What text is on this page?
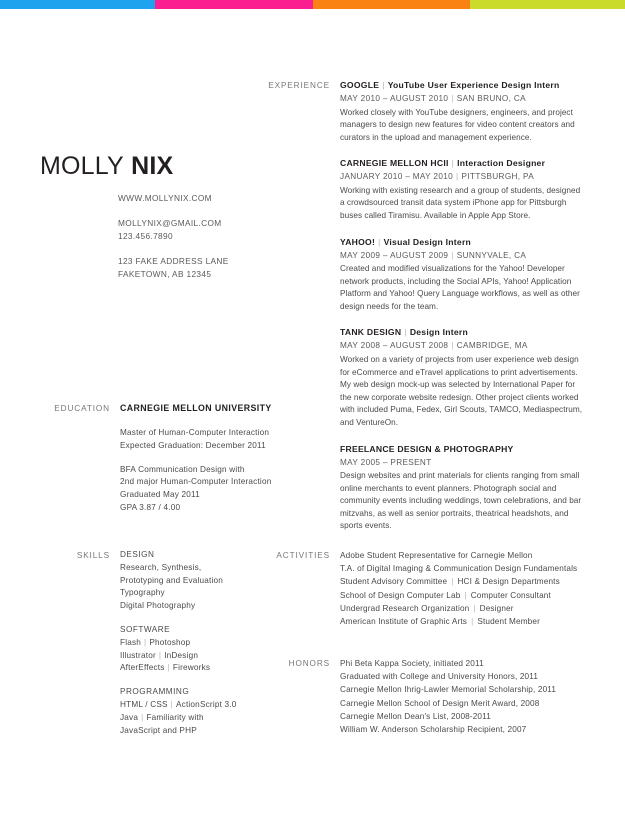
MOLLY NIX
WWW.MOLLYNIX.COM
MOLLYNIX@GMAIL.COM
123.456.7890
123 FAKE ADDRESS LANE
FAKETOWN, AB 12345
EXPERIENCE GOOGLE | YouTube User Experience Design Intern
MAY 2010 – AUGUST 2010 | SAN BRUNO, CA
Worked closely with YouTube designers, engineers, and project managers to design new features for video content creators and curators in the upload and management experience.
CARNEGIE MELLON HCII | Interaction Designer
JANUARY 2010 – MAY 2010 | PITTSBURGH, PA
Working with existing research and a group of students, designed a crowdsourced transit data system iPhone app for Pittsburgh buses called Tiramisu. Available in Apple App Store.
YAHOO! | Visual Design Intern
MAY 2009 – AUGUST 2009 | SUNNYVALE, CA
Created and modified visualizations for the Yahoo! Developer network products, including the Social APIs, Yahoo! Application Platform and Yahoo! Query Language workflows, as well as other design needs for the team.
TANK DESIGN | Design Intern
MAY 2008 – AUGUST 2008 | CAMBRIDGE, MA
Worked on a variety of projects from user experience web design for eCommerce and eTravel applications to print advertisements. My web design mock-up was selected by International Paper for the new corporate website redesign. Other project clients worked with included Puma, Fedex, Girl Scouts, TAMCO, Mediaspectrum, and VentureOn.
FREELANCE DESIGN & PHOTOGRAPHY
MAY 2005 – PRESENT
Design websites and print materials for clients ranging from small online merchants to event planners. Photograph social and community events including weddings, town celebrations, and bar mitzvahs, as well as senior portraits, theatrical headshots, and sports events.
EDUCATION CARNEGIE MELLON UNIVERSITY
Master of Human-Computer Interaction
Expected Graduation: December 2011
BFA Communication Design with
2nd major Human-Computer Interaction
Graduated May 2011
GPA 3.87 / 4.00
SKILLS DESIGN
Research, Synthesis,
Prototyping and Evaluation
Typography
Digital Photography
SOFTWARE
Flash | Photoshop
Illustrator | InDesign
AfterEffects | Fireworks
PROGRAMMING
HTML / CSS | ActionScript 3.0
Java | Familiarity with
JavaScript and PHP
ACTIVITIES Adobe Student Representative for Carnegie Mellon
T.A. of Digital Imaging & Communication Design Fundamentals
Student Advisory Committee | HCI & Design Departments
School of Design Computer Lab | Computer Consultant
Undergrad Research Organization | Designer
American Institute of Graphic Arts | Student Member
HONORS Phi Beta Kappa Society, initiated 2011
Graduated with College and University Honors, 2011
Carnegie Mellon Ihrig-Lawler Memorial Scholarship, 2011
Carnegie Mellon School of Design Merit Award, 2008
Carnegie Mellon Dean's List, 2008-2011
William W. Anderson Scholarship Recipient, 2007
